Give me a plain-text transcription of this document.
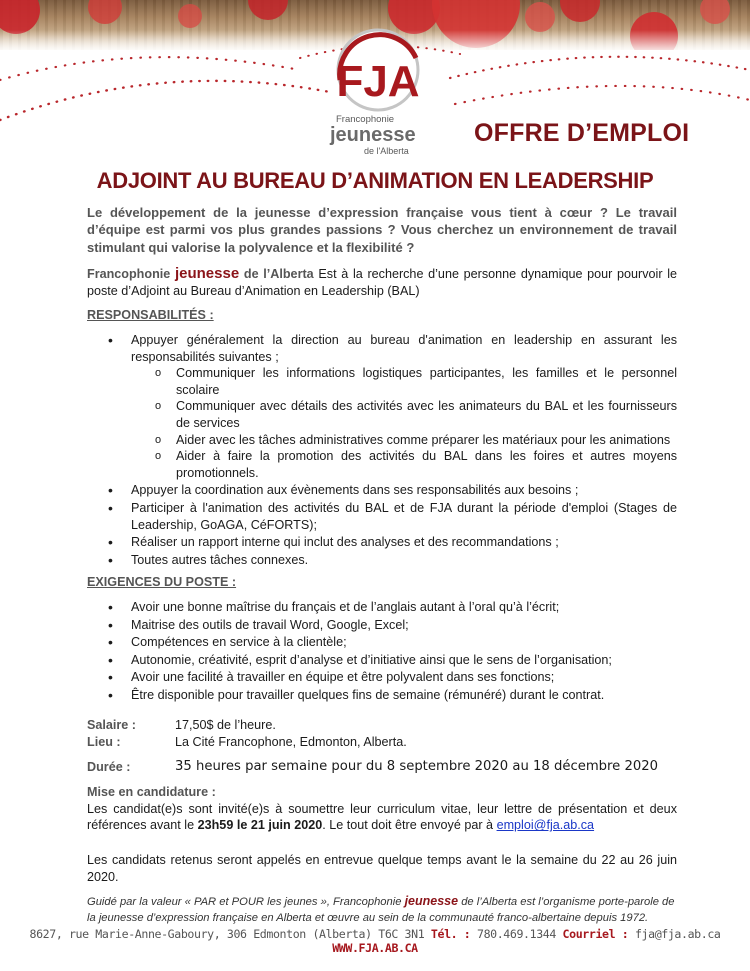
FJA
Francophonie
jeunesse
de l'Alberta
OFFRE D’EMPLOI
ADJOINT AU BUREAU D’ANIMATION EN LEADERSHIP

Le développement de la jeunesse d’expression française vous tient à cœur ? Le travail d’équipe est parmi vos plus grandes passions ? Vous cherchez un environnement de travail stimulant qui valorise la polyvalence et la flexibilité ?

Francophonie jeunesse de l’Alberta Est à la recherche d’une personne dynamique pour pourvoir le poste d’Adjoint au Bureau d’Animation en Leadership (BAL)

RESPONSABILITÉS :
• Appuyer généralement la direction au bureau d'animation en leadership en assurant les responsabilités suivantes ;
o Communiquer les informations logistiques participantes, les familles et le personnel scolaire
o Communiquer avec détails des activités avec les animateurs du BAL et les fournisseurs de services
o Aider avec les tâches administratives comme préparer les matériaux pour les animations
o Aider à faire la promotion des activités du BAL dans les foires et autres moyens promotionnels.
• Appuyer la coordination aux évènements dans ses responsabilités aux besoins ;
• Participer à l'animation des activités du BAL et de FJA durant la période d'emploi (Stages de Leadership, GoAGA, CéFORTS);
• Réaliser un rapport interne qui inclut des analyses et des recommandations ;
• Toutes autres tâches connexes.
EXIGENCES DU POSTE :
• Avoir une bonne maîtrise du français et de l’anglais autant à l’oral qu’à l’écrit;
• Maitrise des outils de travail Word, Google, Excel;
• Compétences en service à la clientèle;
• Autonomie, créativité, esprit d’analyse et d’initiative ainsi que le sens de l’organisation;
• Avoir une facilité à travailler en équipe et être polyvalent dans ses fonctions;
• Être disponible pour travailler quelques fins de semaine (rémunéré) durant le contrat.
Salaire :	17,50$ de l’heure.
Lieu :	La Cité Francophone, Edmonton, Alberta.
Durée :	35 heures par semaine pour du 8 septembre 2020 au 18 décembre 2020
Mise en candidature :

Les candidat(e)s sont invité(e)s à soumettre leur curriculum vitae, leur lettre de présentation et deux références avant le 23h59 le 21 juin 2020. Le tout doit être envoyé par à emploi@fja.ab.ca

Les candidats retenus seront appelés en entrevue quelque temps avant le la semaine du 22 au 26 juin 2020.

Guidé par la valeur « PAR et POUR les jeunes », Francophonie jeunesse de l’Alberta est l’organisme porte-parole de la jeunesse d’expression française en Alberta et œuvre au sein de la communauté franco-albertaine depuis 1972.

8627, rue Marie-Anne-Gaboury, 306 Edmonton (Alberta) T6C 3N1 Tél. : 780.469.1344 Courriel : fja@fja.ab.ca WWW.FJA.AB.CA
